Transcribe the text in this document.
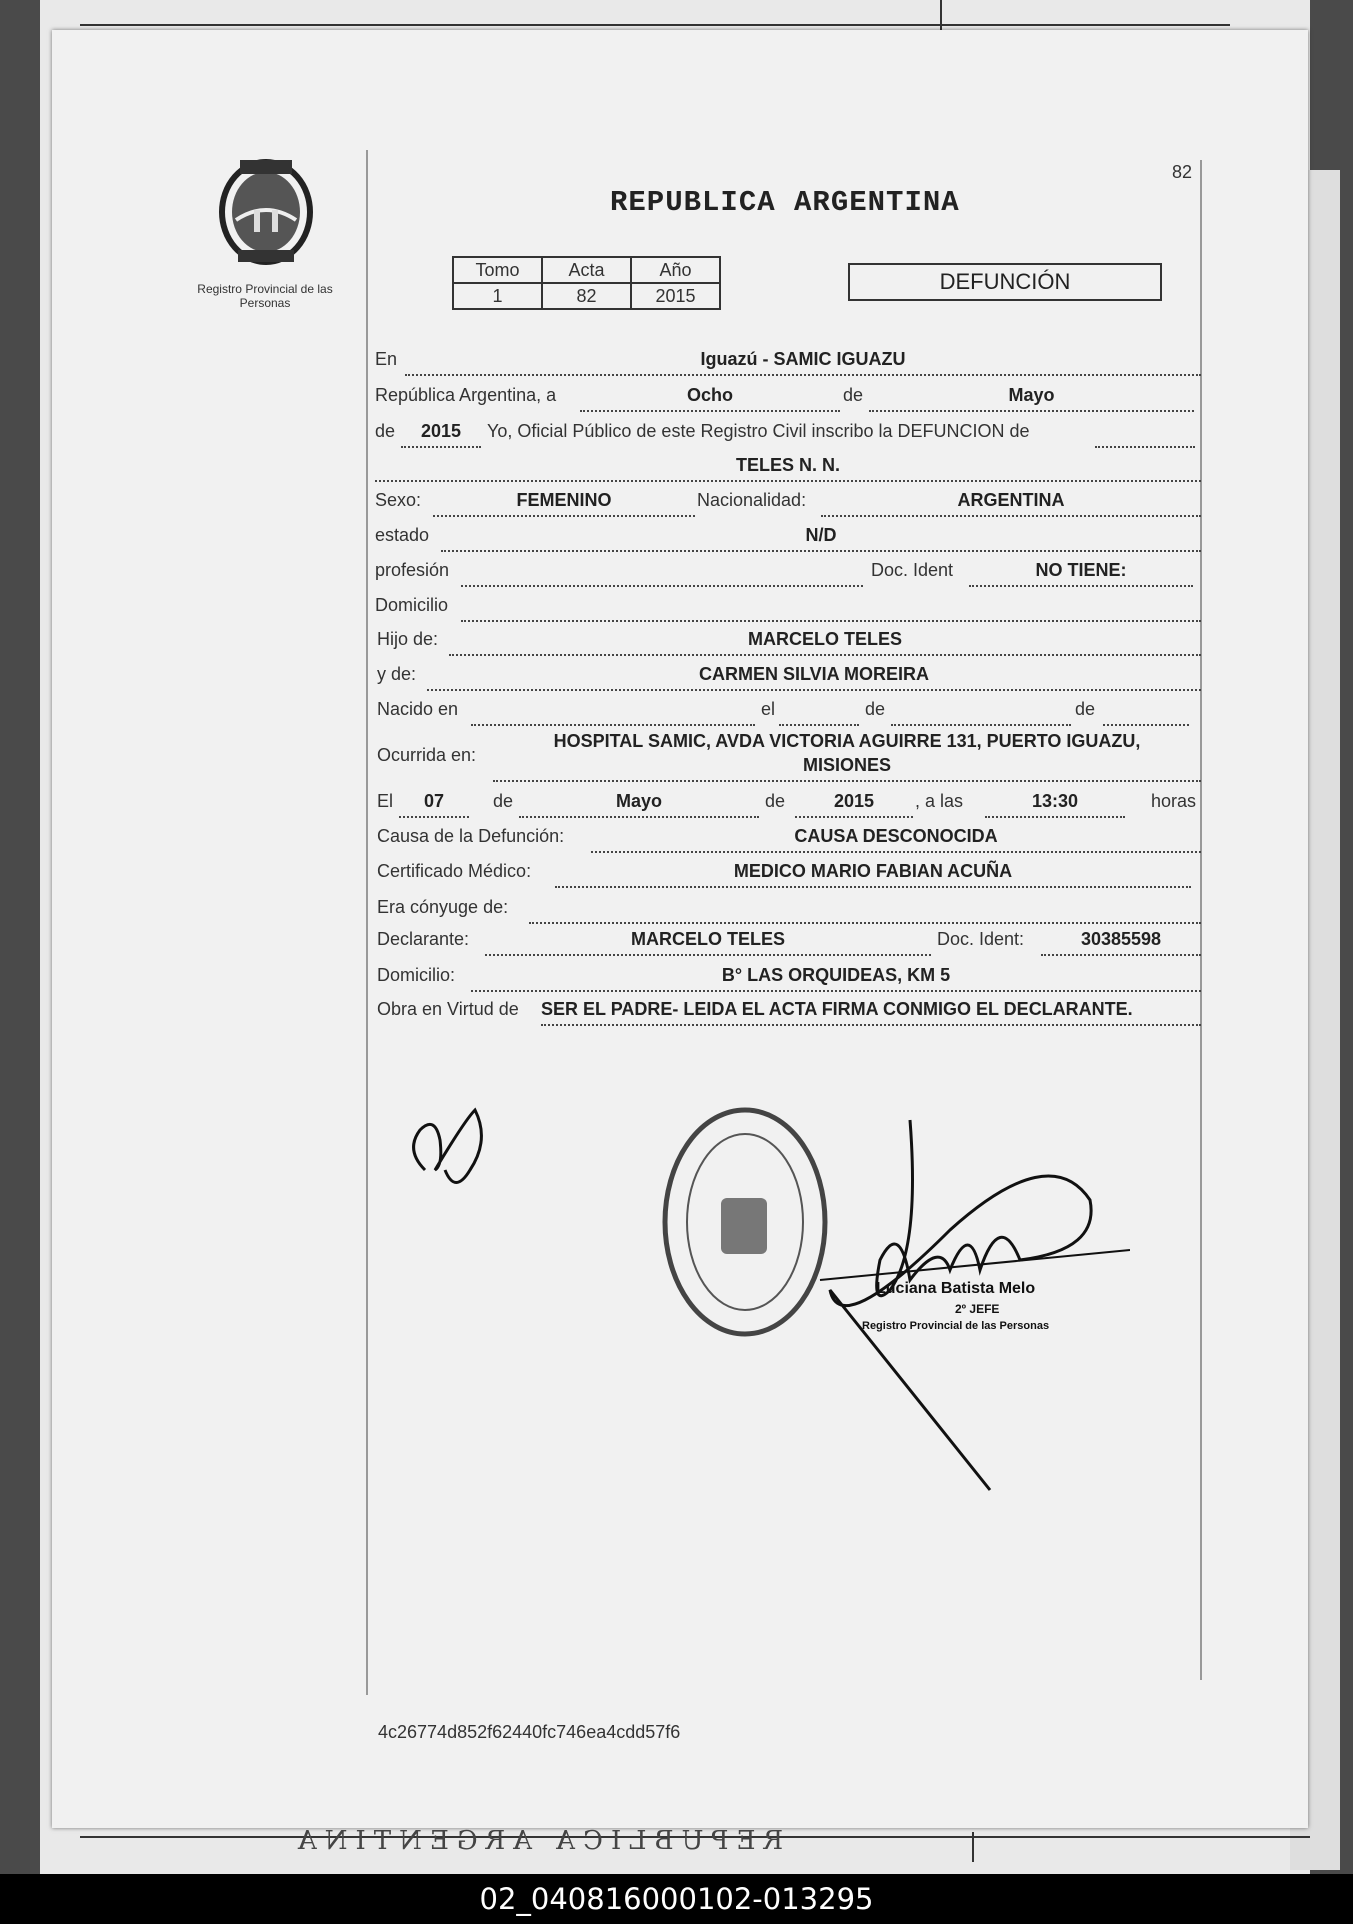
Registro Provincial de las Personas
REPUBLICA ARGENTINA
82
Tomo	Acta	Año
1	82	2015
DEFUNCIÓN
En	Iguazú - SAMIC IGUAZU
República Argentina, a	Ocho	de	Mayo
de	2015	Yo, Oficial Público de este Registro Civil inscribo la DEFUNCION de
TELES N. N.
Sexo:	FEMENINO	Nacionalidad:	ARGENTINA
estado	N/D
profesión	Doc. Ident	NO TIENE:
Domicilio
Hijo de:	MARCELO TELES
y de:	CARMEN SILVIA MOREIRA
Nacido en	el	de	de
Ocurrida en:
HOSPITAL SAMIC, AVDA VICTORIA AGUIRRE 131, PUERTO IGUAZU,
MISIONES
El	07	de	Mayo	de	2015	, a las	13:30	horas
Causa de la Defunción:	CAUSA DESCONOCIDA
Certificado Médico:	MEDICO MARIO FABIAN ACUÑA
Era cónyuge de:
Declarante:	MARCELO TELES	Doc. Ident:	30385598
Domicilio:	B° LAS ORQUIDEAS, KM 5
Obra en Virtud de SER EL PADRE- LEIDA EL ACTA FIRMA CONMIGO EL DECLARANTE.
Luciana Batista Melo
2º JEFE
Registro Provincial de las Personas
4c26774d852f62440fc746ea4cdd57f6
REPUBLICA ARGENTINA
02_040816000102-013295
